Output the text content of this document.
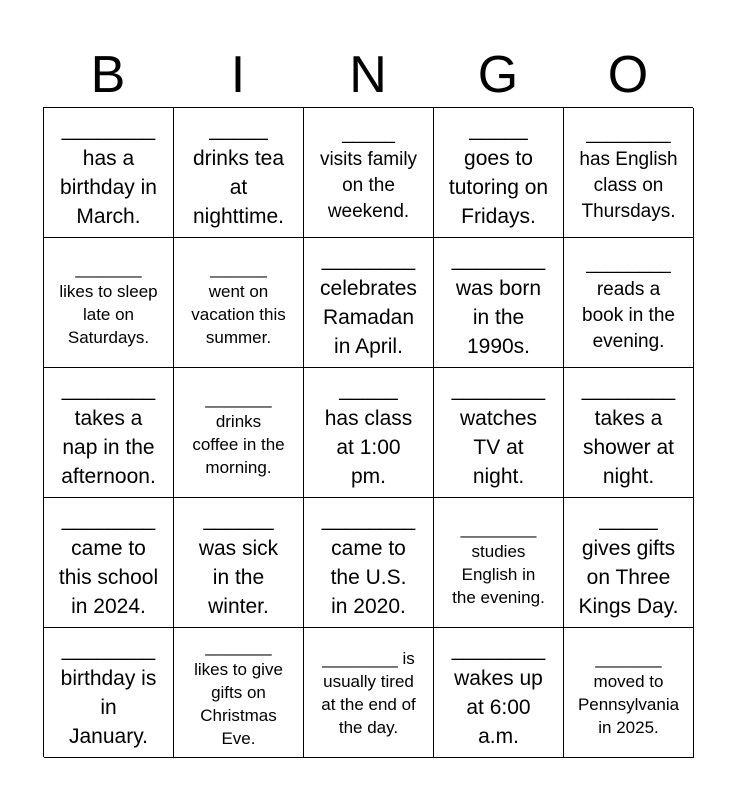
B	I	N	G	O
________
has a
birthday in
March.
_____
drinks tea
at
nighttime.
_____
visits family
on the
weekend.
_____
goes to
tutoring on
Fridays.
________
has English
class on
Thursdays.
_______
likes to sleep
late on
Saturdays.
______
went on
vacation this
summer.
________
celebrates
Ramadan
in April.
________
was born
in the
1990s.
________
reads a
book in the
evening.
________
takes a
nap in the
afternoon.
_______
drinks
coffee in the
morning.
_____
has class
at 1:00
pm.
________
watches
TV at
night.
________
takes a
shower at
night.
________
came to
this school
in 2024.
______
was sick
in the
winter.
________
came to
the U.S.
in 2020.
________
studies
English in
the evening.
_____
gives gifts
on Three
Kings Day.
________
birthday is
in
January.
_______
likes to give
gifts on
Christmas
Eve.
________ is
usually tired
at the end of
the day.
________
wakes up
at 6:00
a.m.
_______
moved to
Pennsylvania
in 2025.
